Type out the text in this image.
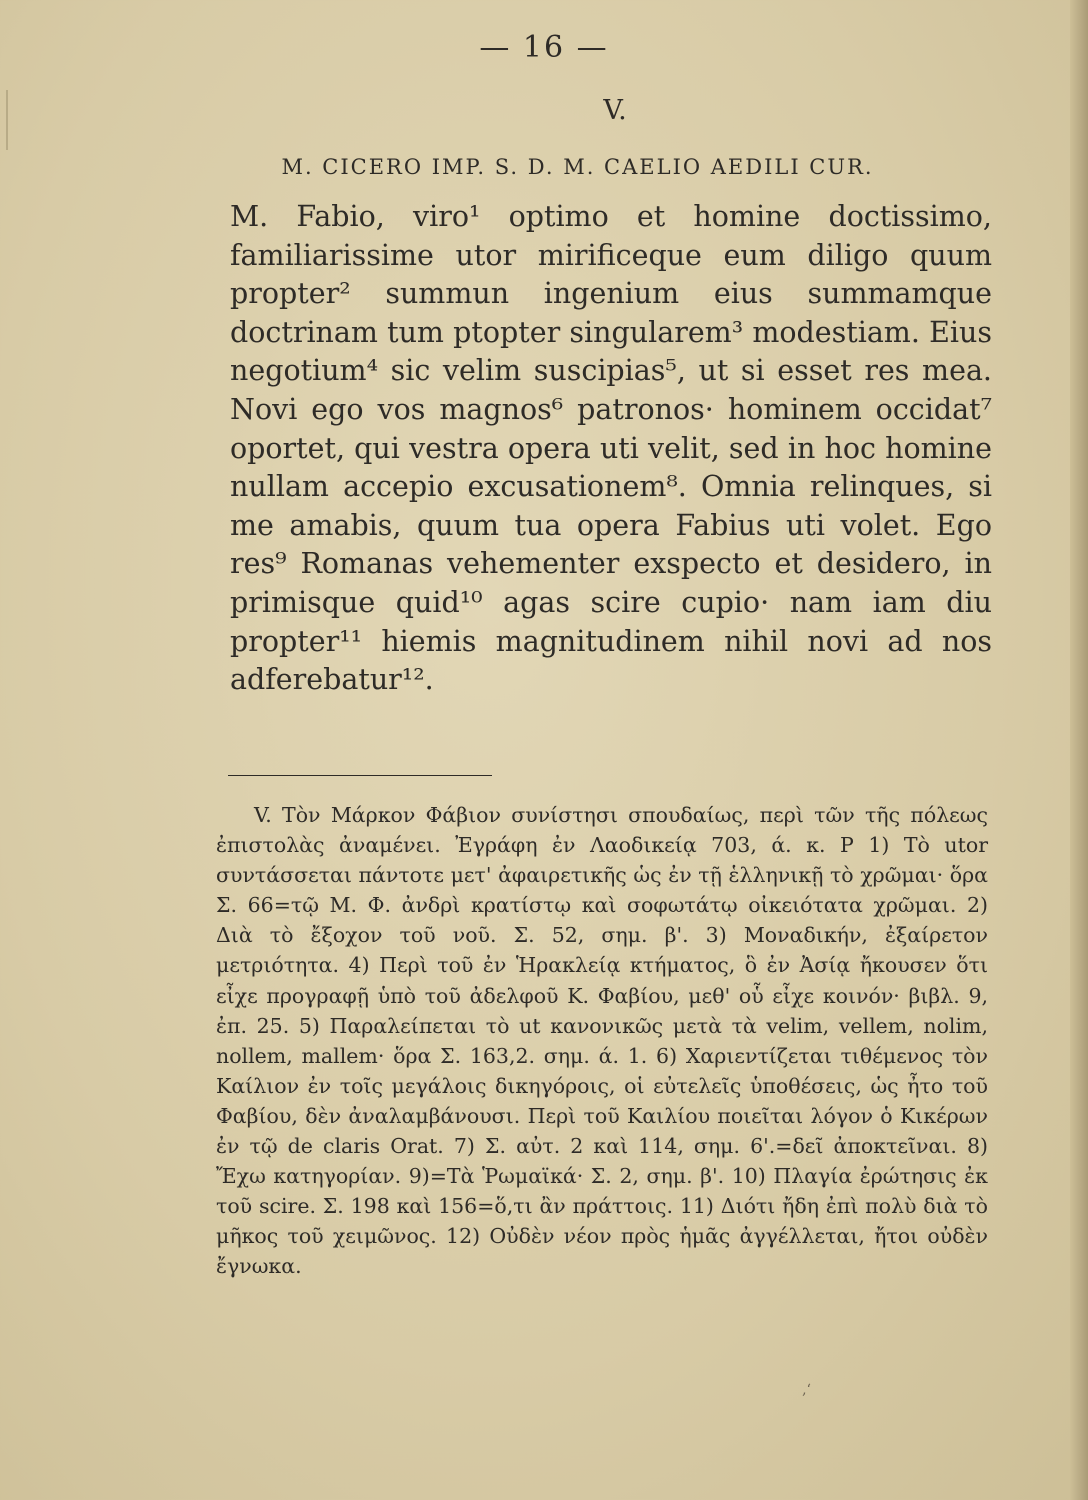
— 16 —
V.
M. CICERO IMP. S. D. M. CAELIO AEDILI CUR.

M. Fabio, viro¹ optimo et homine doctissimo, familiarissime utor mirificeque eum diligo quum propter² summun ingenium eius summamque doctrinam tum ptopter singularem³ modestiam. Eius negotium⁴ sic velim suscipias⁵, ut si esset res mea. Novi ego vos magnos⁶ patronos· hominem occidat⁷ oportet, qui vestra opera uti velit, sed in hoc homine nullam accepio excusationem⁸. Omnia relinques, si me amabis, quum tua opera Fabius uti volet. Ego res⁹ Romanas vehementer exspecto et desidero, in primisque quid¹⁰ agas scire cupio· nam iam diu propter¹¹ hiemis magnitudinem nihil novi ad nos adferebatur¹².

V. Τὸν Μάρκον Φάβιον συνίστησι σπουδαίως, περὶ τῶν τῆς πόλεως ἐπιστολὰς ἀναμένει. Ἐγράφη ἐν Λαοδικείᾳ 703, ά. κ. Ρ 1) Τὸ utor συντάσσεται πάντοτε μετ' ἀφαιρετικῆς ὡς ἐν τῇ ἑλληνικῇ τὸ χρῶμαι· ὅρα Σ. 66=τῷ Μ. Φ. ἀνδρὶ κρατίστῳ καὶ σοφωτάτῳ οἰκειότατα χρῶμαι. 2) Διὰ τὸ ἔξοχον τοῦ νοῦ. Σ. 52, σημ. β'. 3) Μοναδικήν, ἐξαίρετον μετριότητα. 4) Περὶ τοῦ ἐν Ἡρακλείᾳ κτήματος, ὃ ἐν Ἀσίᾳ ἤκουσεν ὅτι εἶχε προγραφῇ ὑπὸ τοῦ ἀδελφοῦ Κ. Φαβίου, μεθ' οὗ εἶχε κοινόν· βιβλ. 9, ἐπ. 25. 5) Παραλείπεται τὸ ut κανονικῶς μετὰ τὰ velim, vellem, nolim, nollem, mallem· ὅρα Σ. 163,2. σημ. ά. 1. 6) Χαριεντίζεται τιθέμενος τὸν Καίλιον ἐν τοῖς μεγάλοις δικηγόροις, οἱ εὐτελεῖς ὑποθέσεις, ὡς ἦτο τοῦ Φαβίου, δὲν ἀναλαμβάνουσι. Περὶ τοῦ Καιλίου ποιεῖται λόγον ὁ Κικέρων ἐν τῷ de claris Orat. 7) Σ. αὐτ. 2 καὶ 114, σημ. 6'.=δεῖ ἀποκτεῖναι. 8) Ἔχω κατηγορίαν. 9)=Τὰ Ῥωμαϊκά· Σ. 2, σημ. β'. 10) Πλαγία ἐρώτησις ἐκ τοῦ scire. Σ. 198 καὶ 156=ὅ,τι ἂν πράττοις. 11) Διότι ἤδη ἐπὶ πολὺ διὰ τὸ μῆκος τοῦ χειμῶνος. 12) Οὐδὲν νέον πρὸς ἡμᾶς ἀγγέλλεται, ἤτοι οὐδὲν ἔγνωκα.

‚‘
